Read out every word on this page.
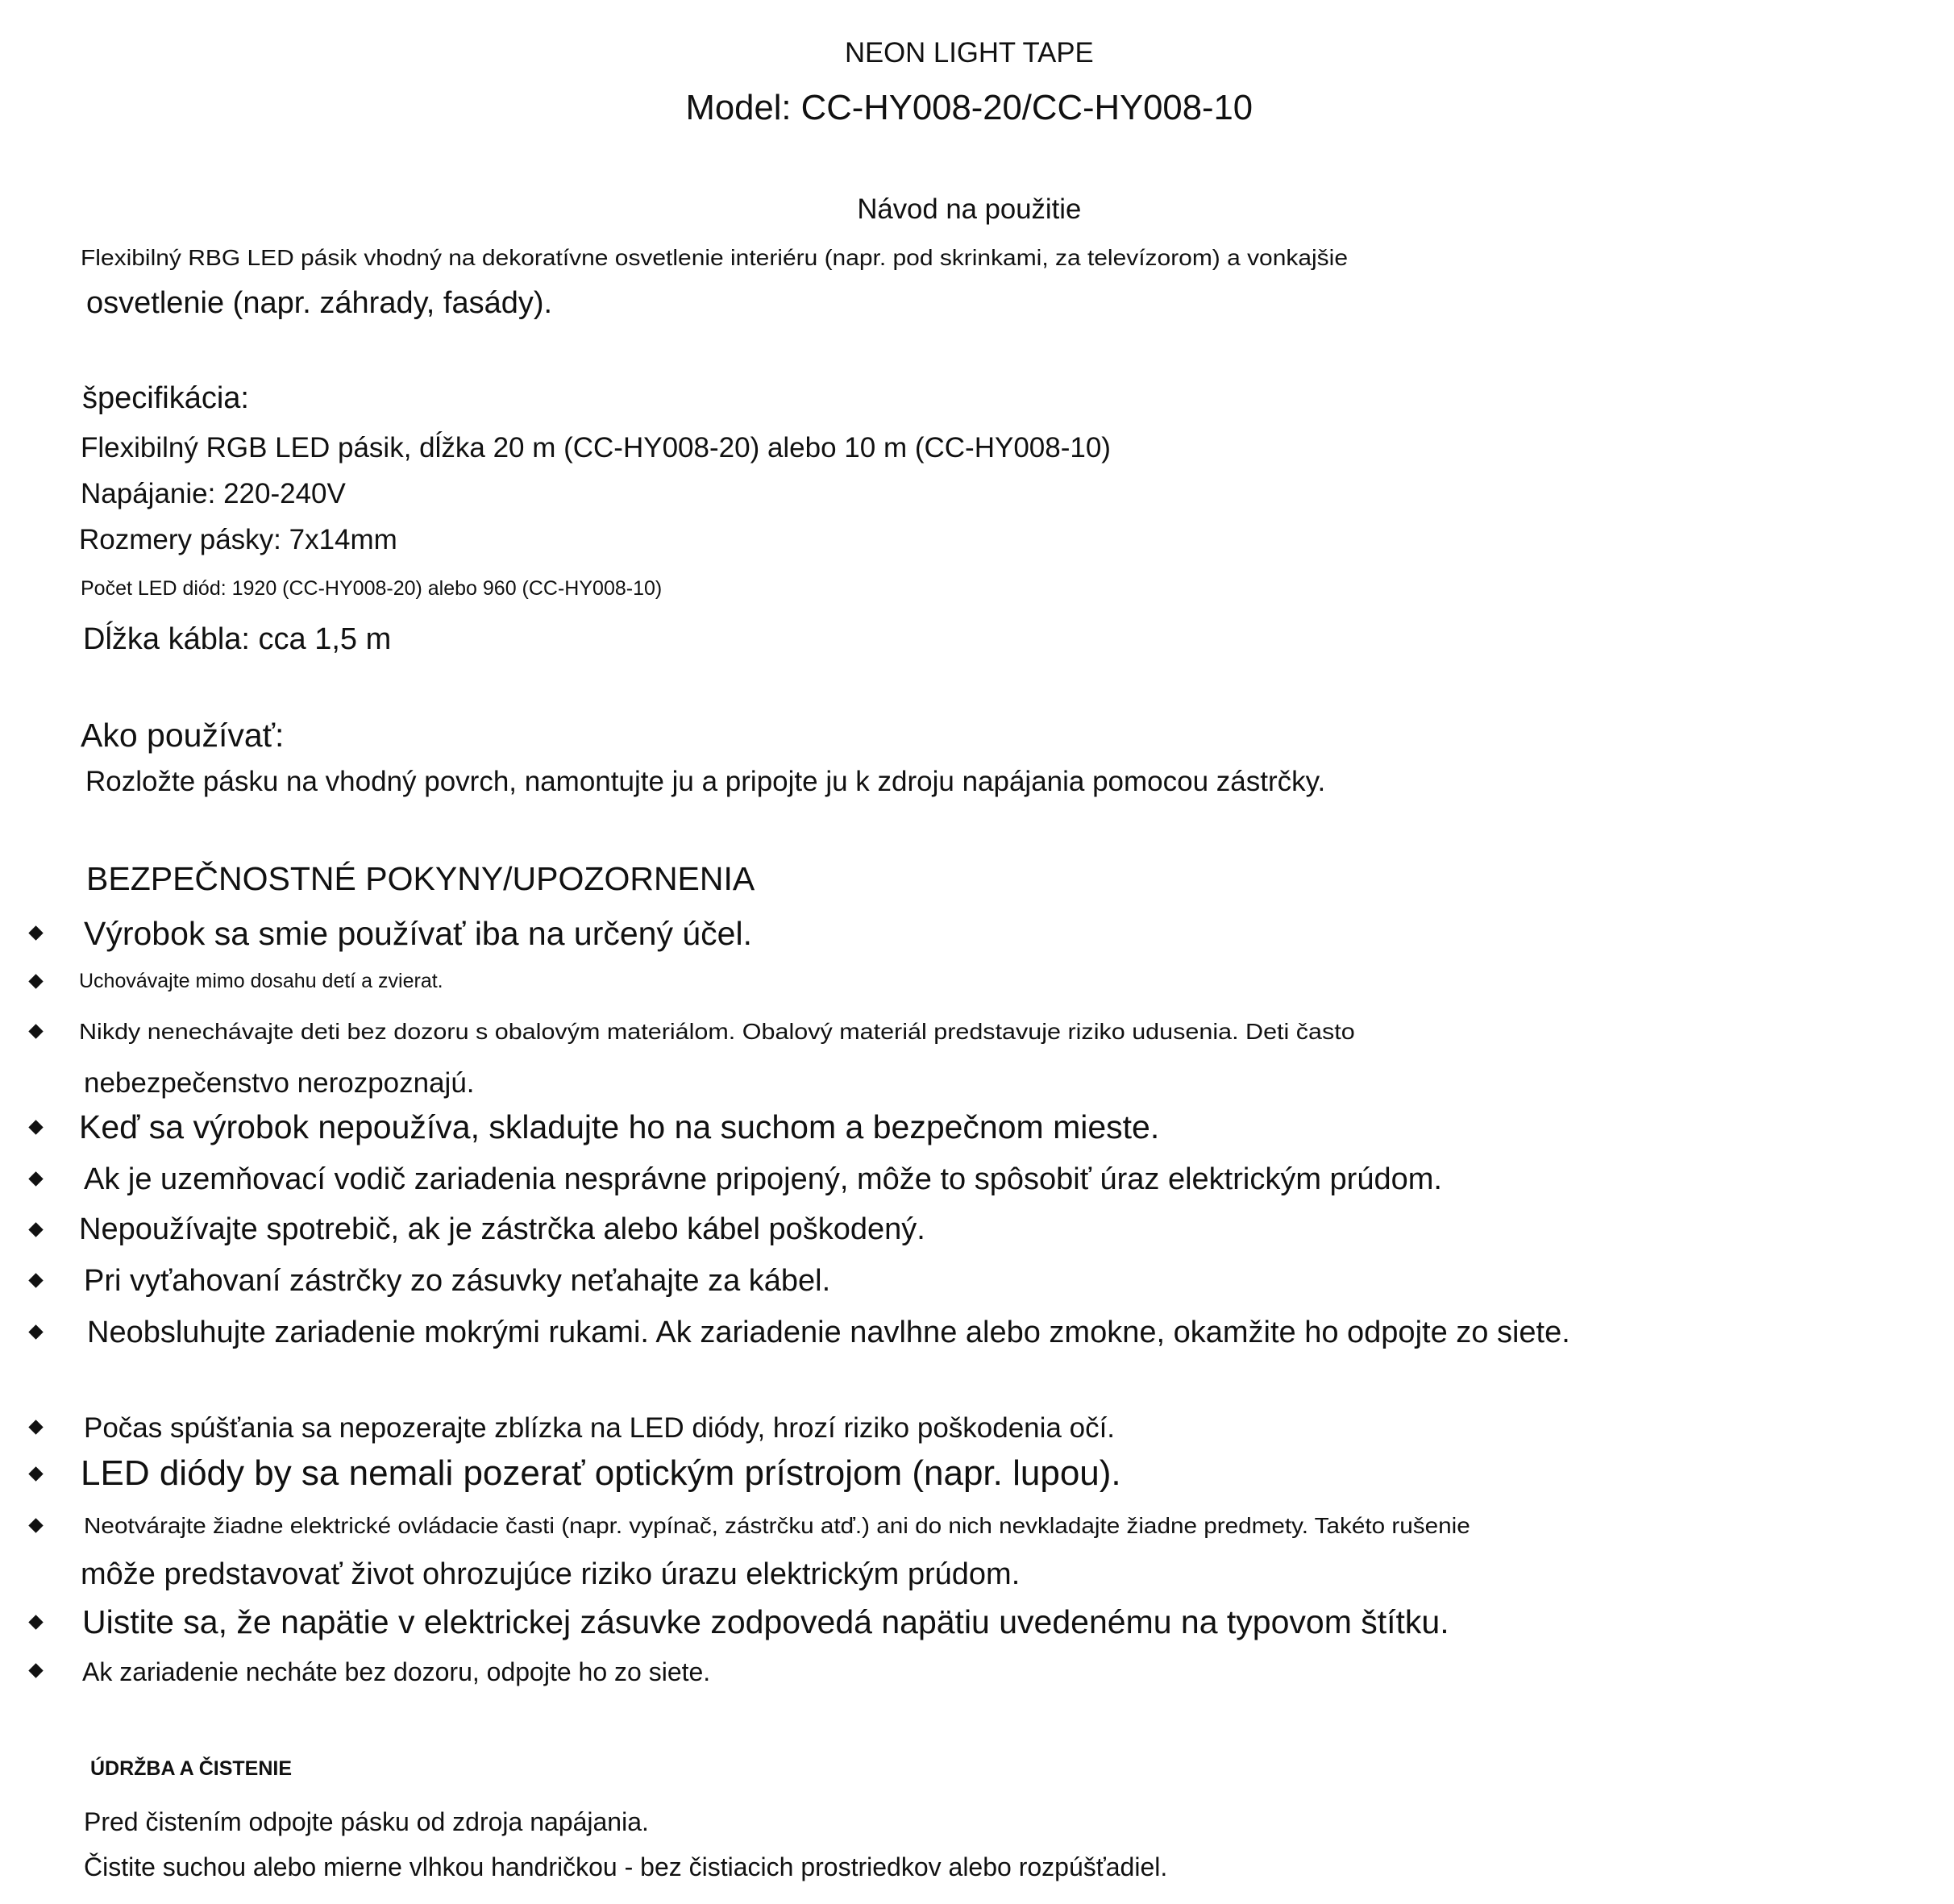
NEON LIGHT TAPE
Model: CC-HY008-20/CC-HY008-10
Návod na použitie
Flexibilný RBG LED pásik vhodný na dekoratívne osvetlenie interiéru (napr. pod skrinkami, za televízorom) a vonkajšie
osvetlenie (napr. záhrady, fasády).
špecifikácia:
Flexibilný RGB LED pásik, dĺžka 20 m (CC-HY008-20) alebo 10 m (CC-HY008-10)
Napájanie: 220-240V
Rozmery pásky: 7x14mm
Počet LED diód: 1920 (CC-HY008-20) alebo 960 (CC-HY008-10)
Dĺžka kábla: cca 1,5 m
Ako používať:
Rozložte pásku na vhodný povrch, namontujte ju a pripojte ju k zdroju napájania pomocou zástrčky.
BEZPEČNOSTNÉ POKYNY/UPOZORNENIA
Výrobok sa smie používať iba na určený účel.
Uchovávajte mimo dosahu detí a zvierat.
Nikdy nenechávajte deti bez dozoru s obalovým materiálom. Obalový materiál predstavuje riziko udusenia. Deti často
nebezpečenstvo nerozpoznajú.
Keď sa výrobok nepoužíva, skladujte ho na suchom a bezpečnom mieste.
Ak je uzemňovací vodič zariadenia nesprávne pripojený, môže to spôsobiť úraz elektrickým prúdom.
Nepoužívajte spotrebič, ak je zástrčka alebo kábel poškodený.
Pri vyťahovaní zástrčky zo zásuvky neťahajte za kábel.
Neobsluhujte zariadenie mokrými rukami. Ak zariadenie navlhne alebo zmokne, okamžite ho odpojte zo siete.
Počas spúšťania sa nepozerajte zblízka na LED diódy, hrozí riziko poškodenia očí.
LED diódy by sa nemali pozerať optickým prístrojom (napr. lupou).
Neotvárajte žiadne elektrické ovládacie časti (napr. vypínač, zástrčku atď.) ani do nich nevkladajte žiadne predmety. Takéto rušenie
môže predstavovať život ohrozujúce riziko úrazu elektrickým prúdom.
Uistite sa, že napätie v elektrickej zásuvke zodpovedá napätiu uvedenému na typovom štítku.
Ak zariadenie necháte bez dozoru, odpojte ho zo siete.
ÚDRŽBA A ČISTENIE
Pred čistením odpojte pásku od zdroja napájania.
Čistite suchou alebo mierne vlhkou handričkou - bez čistiacich prostriedkov alebo rozpúšťadiel.
